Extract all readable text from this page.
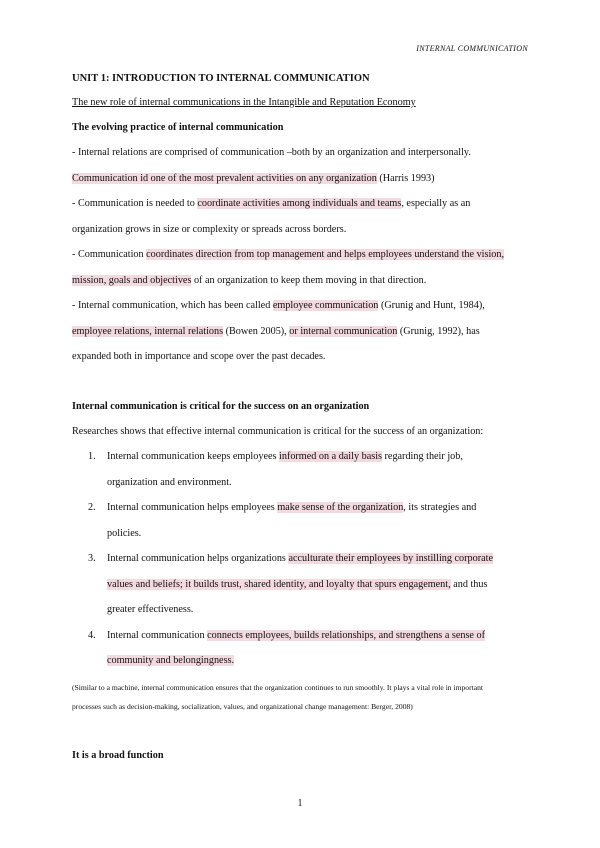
INTERNAL COMMUNICATION

UNIT 1: INTRODUCTION TO INTERNAL COMMUNICATION

The new role of internal communications in the Intangible and Reputation Economy

The evolving practice of internal communication

- Internal relations are comprised of communication –both by an organization and interpersonally.

Communication id one of the most prevalent activities on any organization (Harris 1993)

- Communication is needed to coordinate activities among individuals and teams, especially as an organization grows in size or complexity or spreads across borders.

- Communication coordinates direction from top management and helps employees understand the vision, mission, goals and objectives of an organization to keep them moving in that direction.

- Internal communication, which has been called employee communication (Grunig and Hunt, 1984), employee relations, internal relations (Bowen 2005), or internal communication (Grunig, 1992), has expanded both in importance and scope over the past decades.

Internal communication is critical for the success on an organization

Researches shows that effective internal communication is critical for the success of an organization:

1. Internal communication keeps employees informed on a daily basis regarding their job, organization and environment.
2. Internal communication helps employees make sense of the organization, its strategies and policies.
3. Internal communication helps organizations acculturate their employees by instilling corporate values and beliefs; it builds trust, shared identity, and loyalty that spurs engagement, and thus greater effectiveness.
4. Internal communication connects employees, builds relationships, and strengthens a sense of community and belongingness.

(Similar to a machine, internal communication ensures that the organization continues to run smoothly. It plays a vital role in important processes such as decision-making, socialization, values, and organizational change management: Berger, 2008)

It is a broad function

1
